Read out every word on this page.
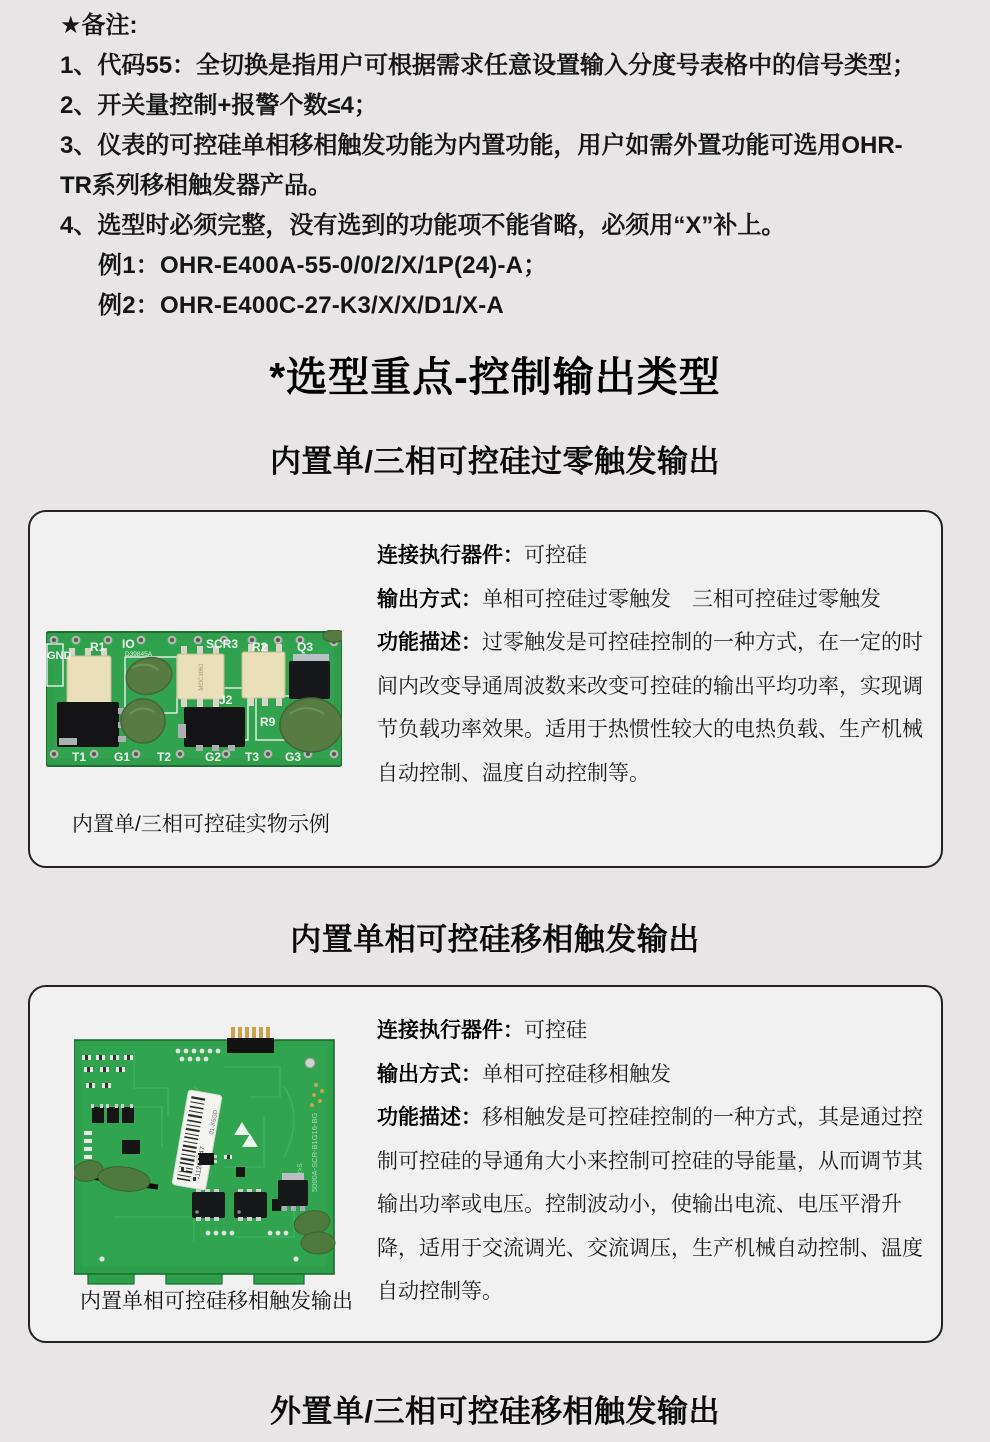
★备注:

1、代码55：全切换是指用户可根据需求任意设置输入分度号表格中的信号类型；

2、开关量控制+报警个数≤4；

3、仪表的可控硅单相移相触发功能为内置功能，用户如需外置功能可选用OHR-TR系列移相触发器产品。

4、选型时必须完整，没有选到的功能项不能省略，必须用“X”补上。

例1：OHR-E400A-55-0/0/2/X/1P(24)-A；

例2：OHR-E400C-27-K3/X/X/D1/X-A

*选型重点-控制输出类型
内置单/三相可控硅过零触发输出
MOC3061
GND
R1 IO
D39845A
SCR3 R2 Q3
J2
R9
T1 G1 T2	G2 T3 G3
内置单/三相可控硅实物示例

连接执行器件：可控硅

输出方式：单相可控硅过零触发　三相可控硅过零触发

功能描述：过零触发是可控硅控制的一种方式，在一定的时间内改变导通周波数来改变可控硅的输出平均功率，实现调节负载功率效果。适用于热惯性较大的电热负载、生产机械自动控制、温度自动控制等。

内置单相可控硅移相触发输出
01-K5GD	5000A-SCR-B1G16-BG
2>S
内置单相可控硅移相触发输出

连接执行器件：可控硅

输出方式：单相可控硅移相触发

功能描述：移相触发是可控硅控制的一种方式，其是通过控制可控硅的导通角大小来控制可控硅的导能量，从而调节其输出功率或电压。控制波动小，使输出电流、电压平滑升降，适用于交流调光、交流调压，生产机械自动控制、温度自动控制等。

外置单/三相可控硅移相触发输出
